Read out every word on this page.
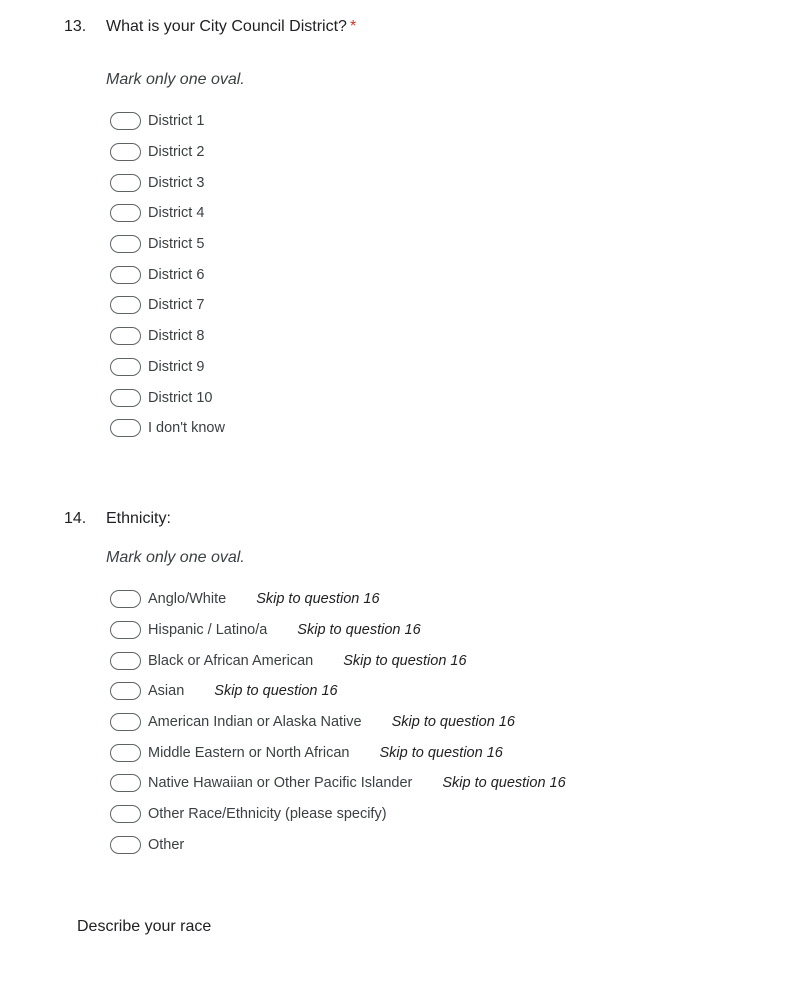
13. What is your City Council District? *
Mark only one oval.
District 1
District 2
District 3
District 4
District 5
District 6
District 7
District 8
District 9
District 10
I don't know
14. Ethnicity:
Mark only one oval.
Anglo/White Skip to question 16
Hispanic / Latino/a Skip to question 16
Black or African American Skip to question 16
Asian Skip to question 16
American Indian or Alaska Native Skip to question 16
Middle Eastern or North African Skip to question 16
Native Hawaiian or Other Pacific Islander Skip to question 16
Other Race/Ethnicity (please specify)
Other
Describe your race
